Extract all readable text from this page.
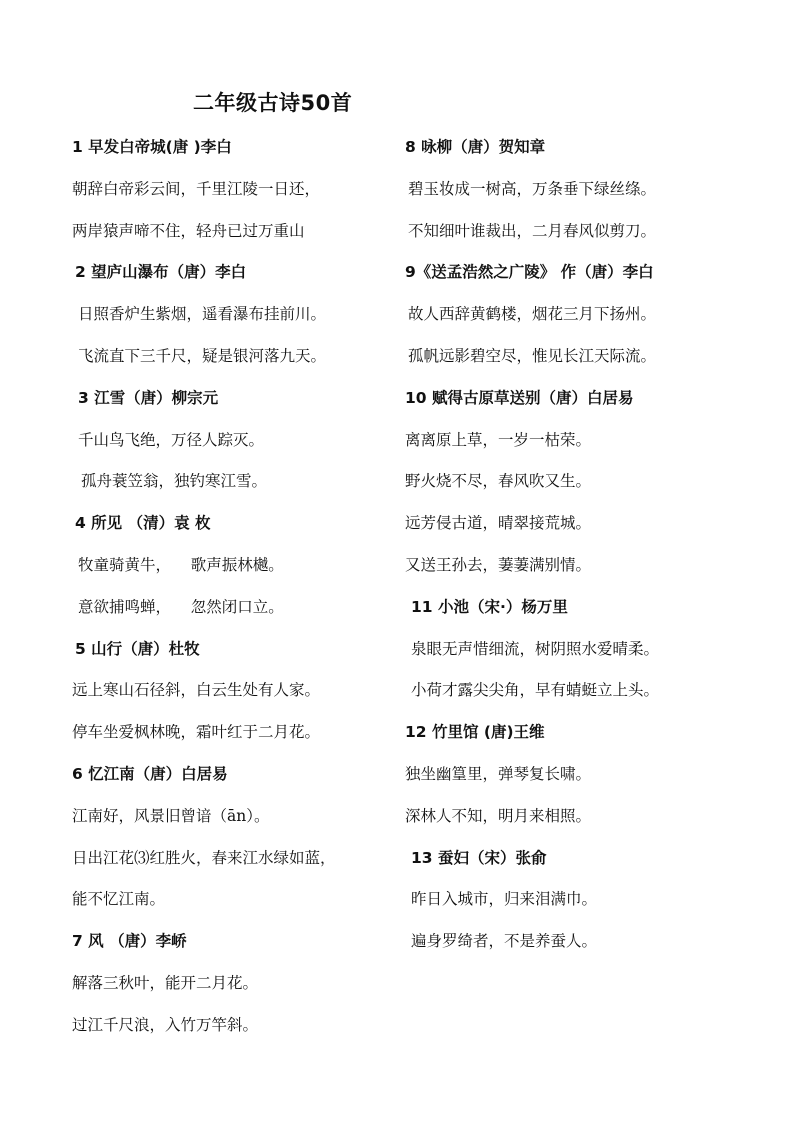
二年级古诗50首
1 早发白帝城(唐 )李白
朝辞白帝彩云间，千里江陵一日还，
两岸猿声啼不住，轻舟已过万重山
2 望庐山瀑布（唐）李白
日照香炉生紫烟，遥看瀑布挂前川。
飞流直下三千尺，疑是银河落九天。
3 江雪（唐）柳宗元
千山鸟飞绝，万径人踪灭。
孤舟蓑笠翁，独钓寒江雪。
4 所见 （清）袁 枚
牧童骑黄牛，    歌声振林樾。
意欲捕鸣蝉，    忽然闭口立。
5 山行（唐）杜牧
远上寒山石径斜，白云生处有人家。
停车坐爱枫林晚，霜叶红于二月花。
6 忆江南（唐）白居易
江南好，风景旧曾谙（ān）。
日出江花⑶红胜火，春来江水绿如蓝，
能不忆江南。
7 风 （唐）李峤
解落三秋叶，能开二月花。
过江千尺浪，入竹万竿斜。
8 咏柳（唐）贺知章
碧玉妆成一树高，万条垂下绿丝绦。
不知细叶谁裁出，二月春风似剪刀。
9《送孟浩然之广陵》 作（唐）李白
故人西辞黄鹤楼，烟花三月下扬州。
孤帆远影碧空尽，惟见长江天际流。
10 赋得古原草送别（唐）白居易
离离原上草，一岁一枯荣。
野火烧不尽，春风吹又生。
远芳侵古道，晴翠接荒城。
又送王孙去，萋萋满别情。
11 小池（宋·）杨万里
泉眼无声惜细流，树阴照水爱晴柔。
小荷才露尖尖角，早有蜻蜓立上头。
12 竹里馆 (唐)王维
独坐幽篁里，弹琴复长啸。
深林人不知，明月来相照。
13 蚕妇（宋）张俞
昨日入城市，归来泪满巾。
遍身罗绮者，不是养蚕人。
